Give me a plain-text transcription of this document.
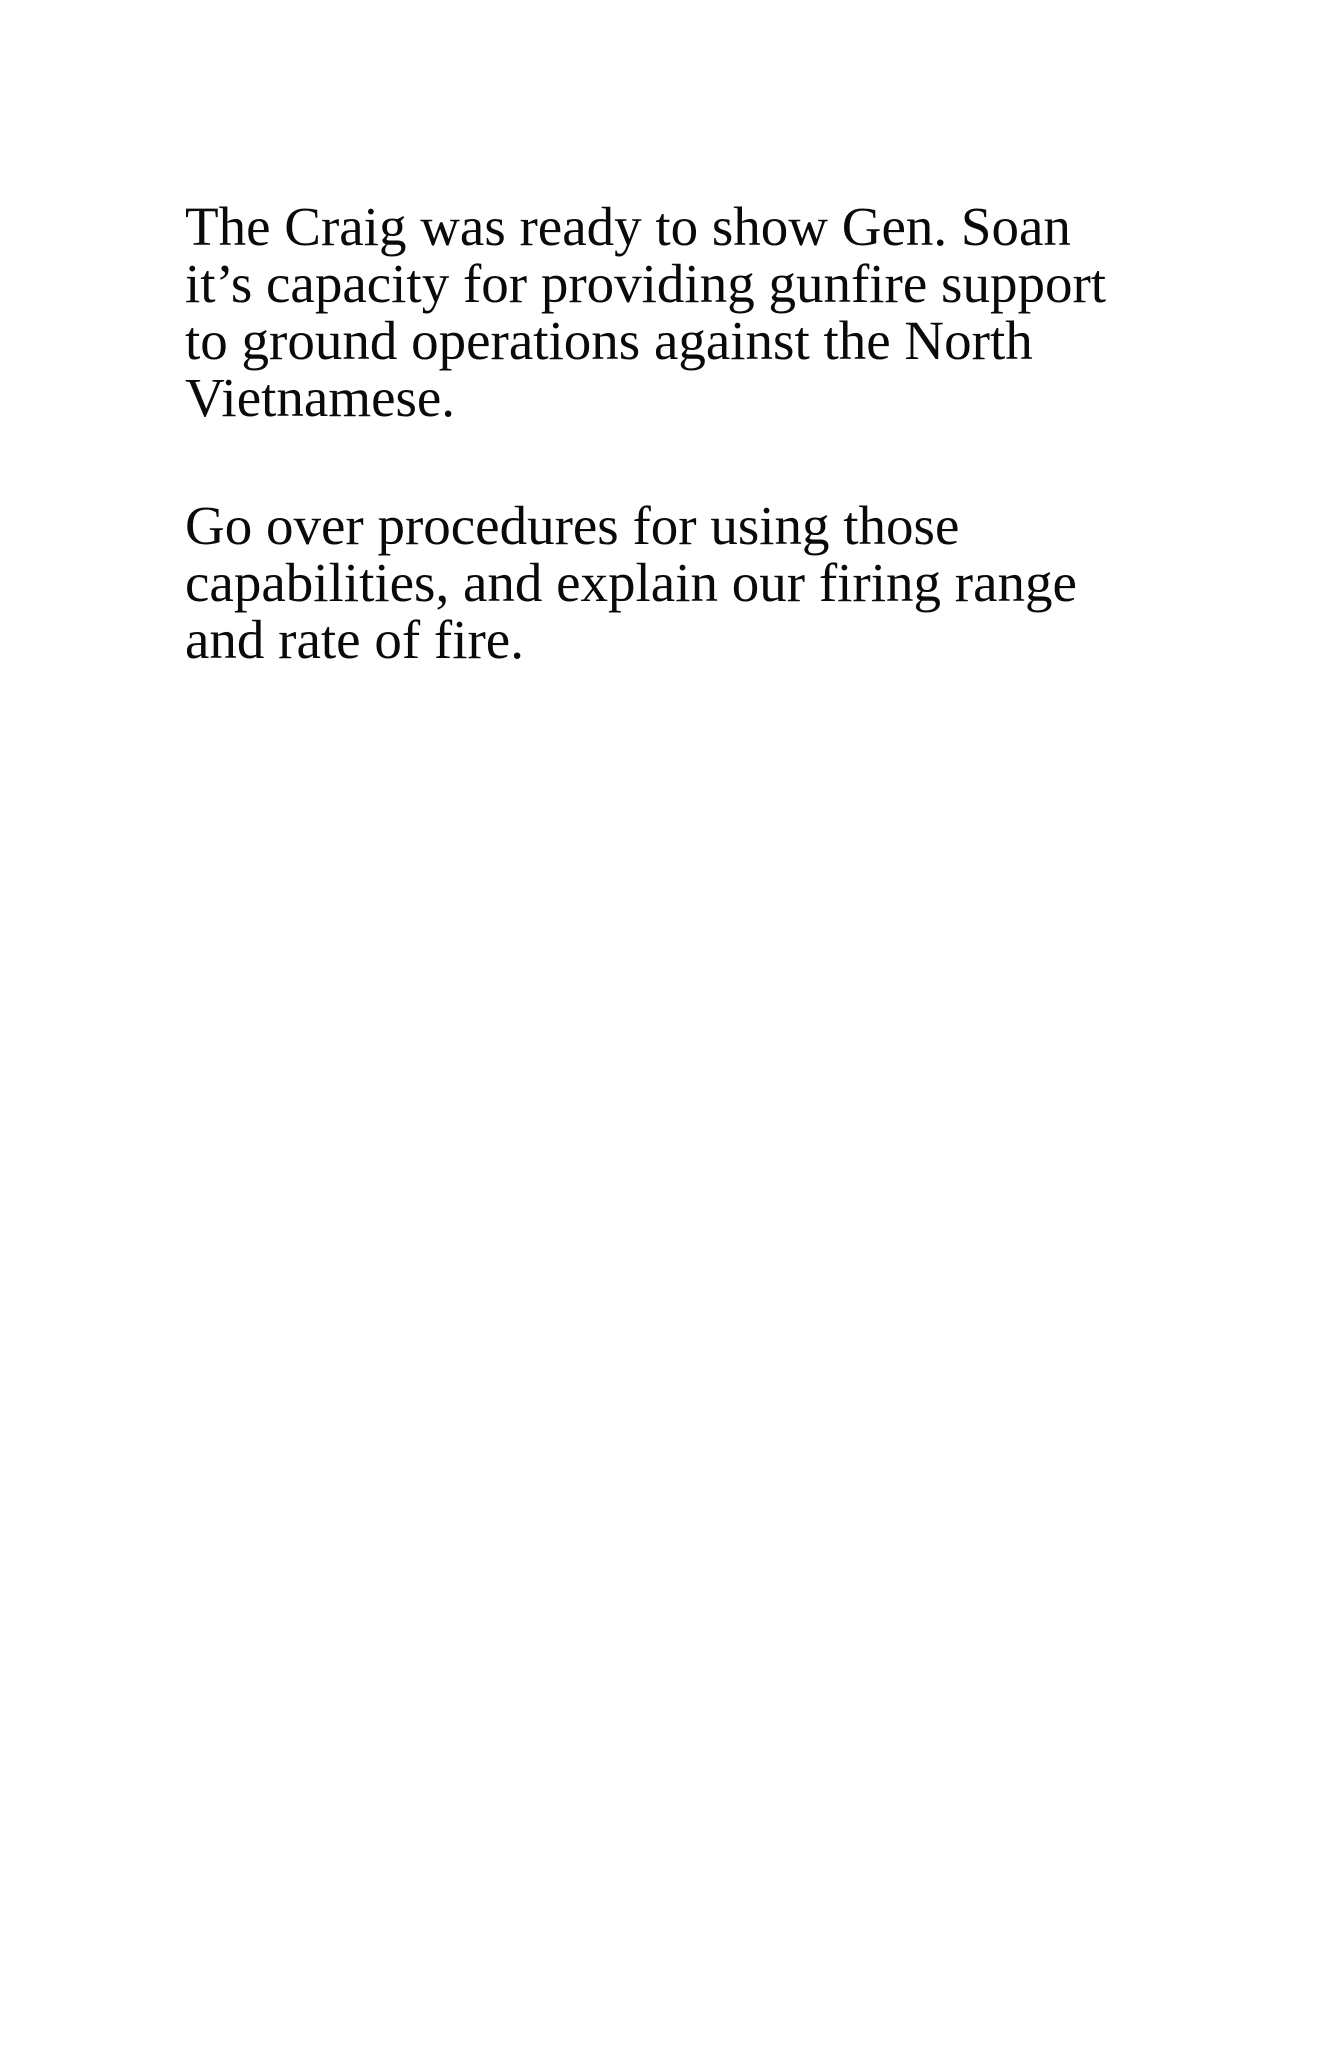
The Craig was ready to show Gen. Soan
it’s capacity for providing gunfire support
to ground operations against the North
Vietnamese.

Go over procedures for using those
capabilities, and explain our firing range
and rate of fire.
